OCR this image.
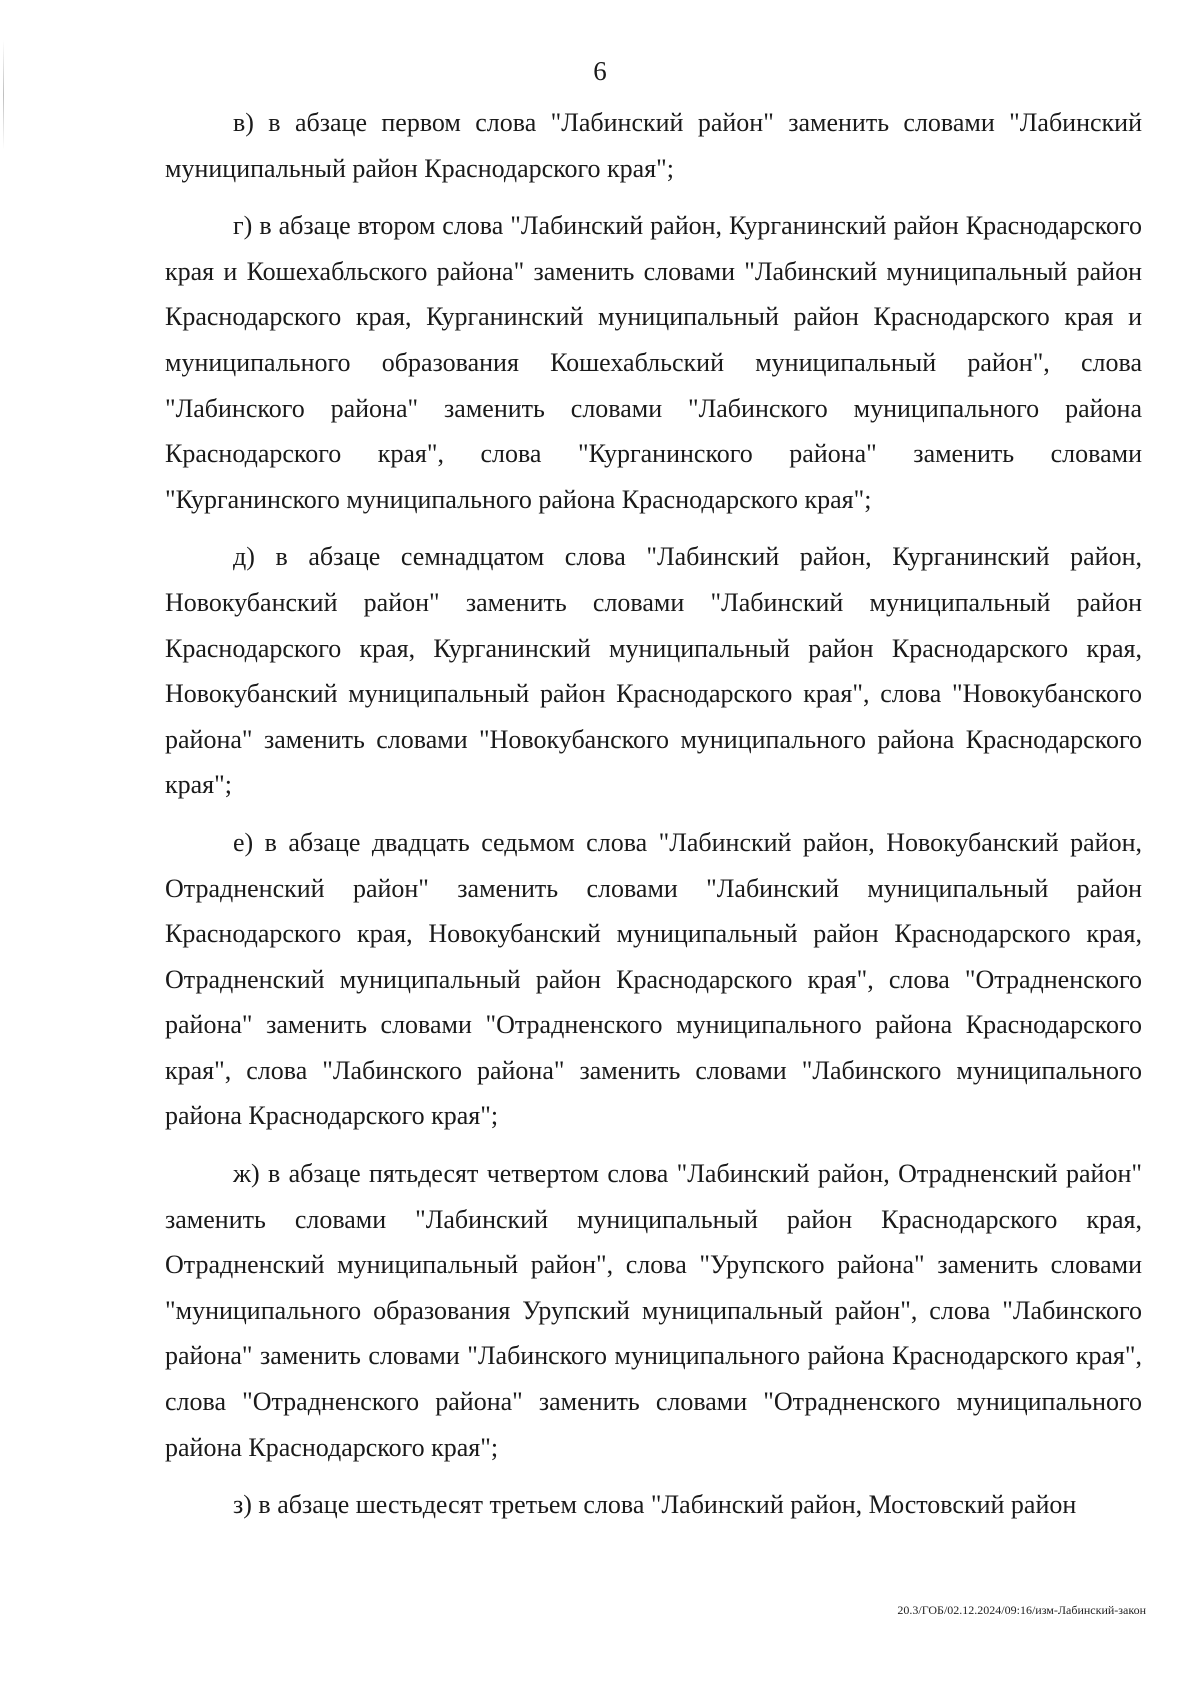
6

в) в абзаце первом слова "Лабинский район" заменить словами "Лабинский муниципальный район Краснодарского края";

г) в абзаце втором слова "Лабинский район, Курганинский район Краснодарского края и Кошехабльского района" заменить словами "Лабинский муниципальный район Краснодарского края, Курганинский муниципальный район Краснодарского края и муниципального образования Кошехабльский муниципальный район", слова "Лабинского района" заменить словами "Лабинского муниципального района Краснодарского края", слова "Курганинского района" заменить словами "Курганинского муниципального района Краснодарского края";

д) в абзаце семнадцатом слова "Лабинский район, Курганинский район, Новокубанский район" заменить словами "Лабинский муниципальный район Краснодарского края, Курганинский муниципальный район Краснодарского края, Новокубанский муниципальный район Краснодарского края", слова "Новокубанского района" заменить словами "Новокубанского муниципального района Краснодарского края";

е) в абзаце двадцать седьмом слова "Лабинский район, Новокубанский район, Отрадненский район" заменить словами "Лабинский муниципальный район Краснодарского края, Новокубанский муниципальный район Краснодарского края, Отрадненский муниципальный район Краснодарского края", слова "Отрадненского района" заменить словами "Отрадненского муниципального района Краснодарского края", слова "Лабинского района" заменить словами "Лабинского муниципального района Краснодарского края";

ж) в абзаце пятьдесят четвертом слова "Лабинский район, Отрадненский район" заменить словами "Лабинский муниципальный район Краснодарского края, Отрадненский муниципальный район", слова "Урупского района" заменить словами "муниципального образования Урупский муниципальный район", слова "Лабинского района" заменить словами "Лабинского муниципального района Краснодарского края", слова "Отрадненского района" заменить словами "Отрадненского муниципального района Краснодарского края";

з) в абзаце шестьдесят третьем слова "Лабинский район, Мостовский район

20.3/ГОБ/02.12.2024/09:16/изм-Лабинский-закон
